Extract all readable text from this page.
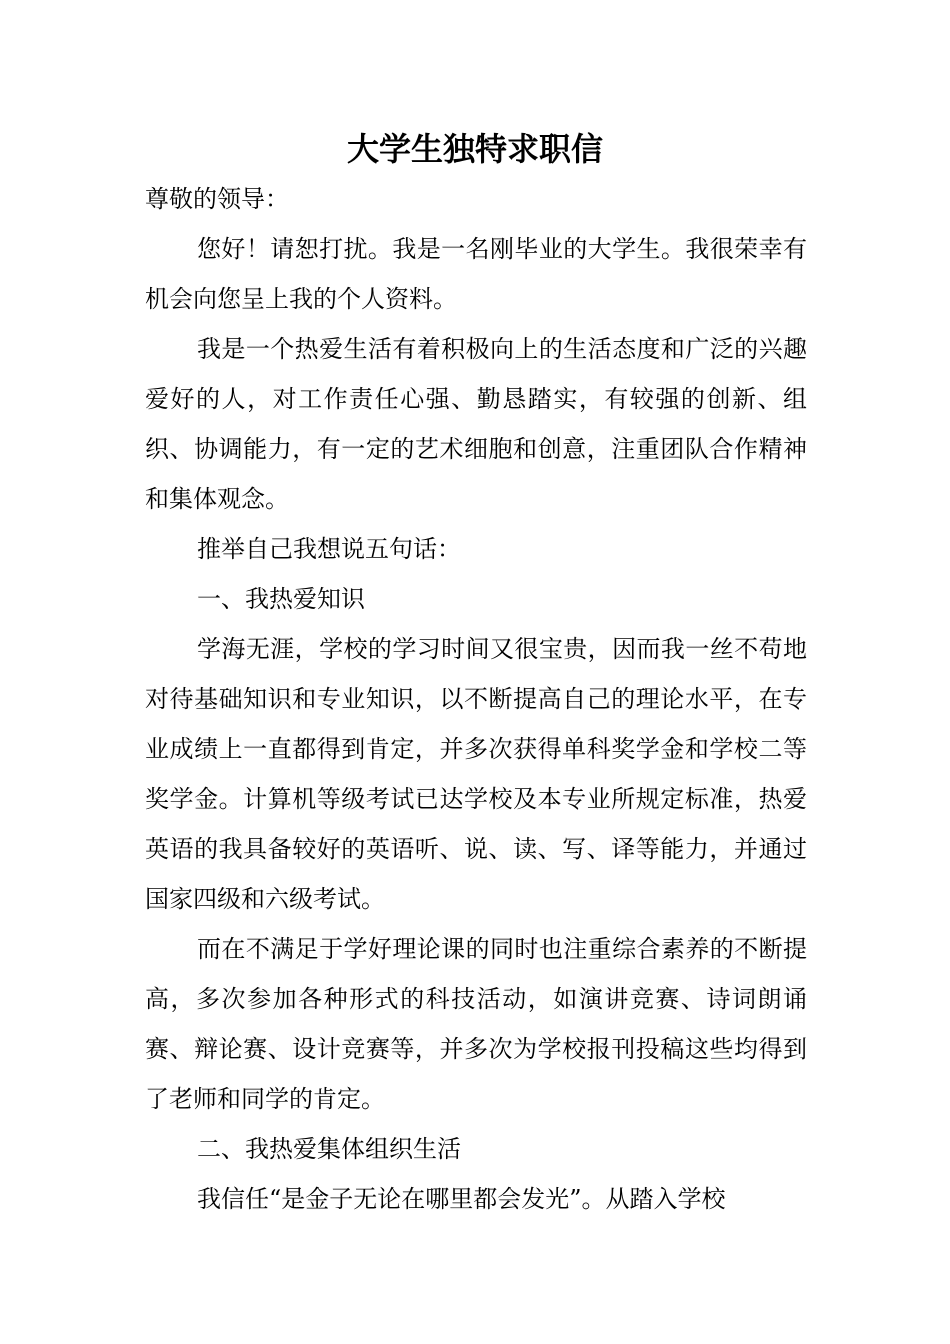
大学生独特求职信

尊敬的领导：

您好！请恕打扰。我是一名刚毕业的大学生。我很荣幸有机会向您呈上我的个人资料。

我是一个热爱生活有着积极向上的生活态度和广泛的兴趣爱好的人，对工作责任心强、勤恳踏实，有较强的创新、组织、协调能力，有一定的艺术细胞和创意，注重团队合作精神和集体观念。

推举自己我想说五句话：

一、我热爱知识

学海无涯，学校的学习时间又很宝贵，因而我一丝不苟地对待基础知识和专业知识，以不断提高自己的理论水平，在专业成绩上一直都得到肯定，并多次获得单科奖学金和学校二等奖学金。计算机等级考试已达学校及本专业所规定标准，热爱英语的我具备较好的英语听、说、读、写、译等能力，并通过国家四级和六级考试。

而在不满足于学好理论课的同时也注重综合素养的不断提高，多次参加各种形式的科技活动，如演讲竞赛、诗词朗诵赛、辩论赛、设计竞赛等，并多次为学校报刊投稿这些均得到了老师和同学的肯定。

二、我热爱集体组织生活

我信任“是金子无论在哪里都会发光”。从踏入学校
